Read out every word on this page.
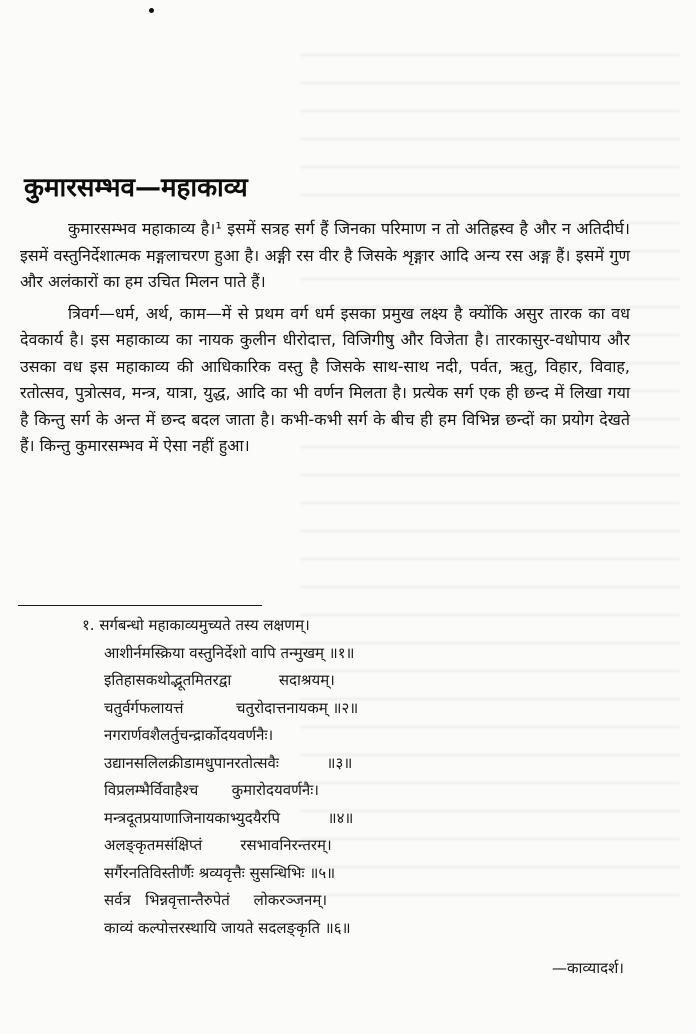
कुमारसम्भव—महाकाव्य

कुमारसम्भव महाकाव्य है।¹ इसमें सत्रह सर्ग हैं जिनका परिमाण न तो अतिह्रस्व है और न अतिदीर्घ। इसमें वस्तुनिर्देशात्मक मङ्गलाचरण हुआ है। अङ्गी रस वीर है जिसके शृङ्गार आदि अन्य रस अङ्ग हैं। इसमें गुण और अलंकारों का हम उचित मिलन पाते हैं।

त्रिवर्ग—धर्म, अर्थ, काम—में से प्रथम वर्ग धर्म इसका प्रमुख लक्ष्य है क्योंकि असुर तारक का वध देवकार्य है। इस महाकाव्य का नायक कुलीन धीरोदात्त, विजिगीषु और विजेता है। तारकासुर-वधोपाय और उसका वध इस महाकाव्य की आधिकारिक वस्तु है जिसके साथ-साथ नदी, पर्वत, ऋतु, विहार, विवाह, रतोत्सव, पुत्रोत्सव, मन्त्र, यात्रा, युद्ध, आदि का भी वर्णन मिलता है। प्रत्येक सर्ग एक ही छन्द में लिखा गया है किन्तु सर्ग के अन्त में छन्द बदल जाता है। कभी-कभी सर्ग के बीच ही हम विभिन्न छन्दों का प्रयोग देखते हैं। किन्तु कुमारसम्भव में ऐसा नहीं हुआ।

१. सर्गबन्धो महाकाव्यमुच्यते तस्य लक्षणम्।
आशीर्नमस्क्रिया वस्तुनिर्देशो वापि तन्मुखम् ॥१॥
इतिहासकथोद्भूतमितरद्वा          सदाश्रयम्।
चतुर्वर्गफलायत्तं           चतुरोदात्तनायकम् ॥२॥
नगरार्णवशैलर्तुचन्द्रार्कोदयवर्णनैः।
उद्यानसलिलक्रीडामधुपानरतोत्सवैः          ॥३॥
विप्रलम्भैर्विवाहैश्च       कुमारोदयवर्णनैः।
मन्त्रदूतप्रयाणाजिनायकाभ्युदयैरपि          ॥४॥
अलङ्कृतमसंक्षिप्तं        रसभावनिरन्तरम्।
सर्गैरनतिविस्तीर्णैः श्रव्यवृत्तैः सुसन्धिभिः ॥५॥
सर्वत्र   भिन्नवृत्तान्तैरुपेतं     लोकरञ्जनम्।
काव्यं कल्पोत्तरस्थायि जायते सदलङ्कृति ॥६॥
—काव्यादर्श।
